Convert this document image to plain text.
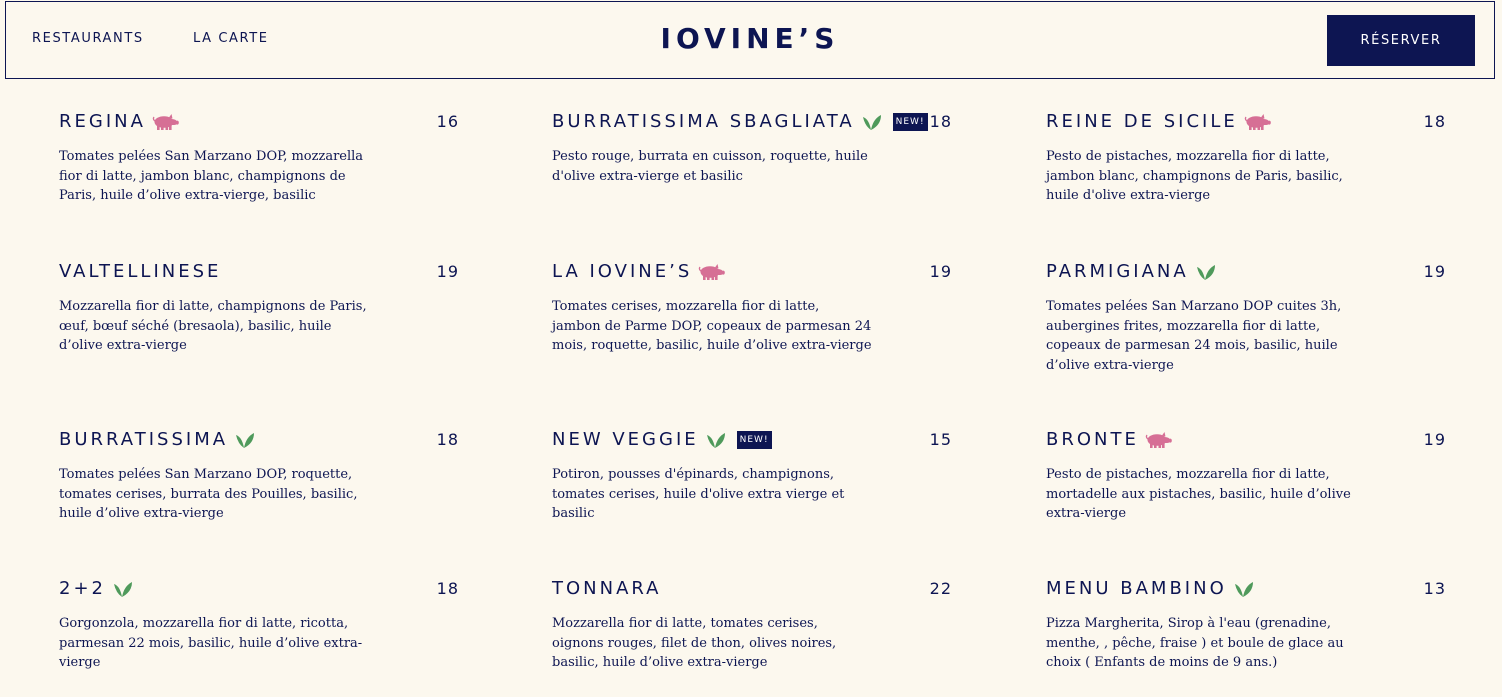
RESTAURANTS	LA CARTE	IOVINE’S	RÉSERVER
REGINA	16
Tomates pelées San Marzano DOP, mozzarella fior di latte, jambon blanc, champignons de Paris, huile d’olive extra-vierge, basilic
BURRATISSIMA SBAGLIATA	NEW! 18
Pesto rouge, burrata en cuisson, roquette, huile d'olive extra-vierge et basilic
REINE DE SICILE	18
Pesto de pistaches, mozzarella fior di latte, jambon blanc, champignons de Paris, basilic, huile d'olive extra-vierge
VALTELLINESE	19
Mozzarella fior di latte, champignons de Paris, œuf, bœuf séché (bresaola), basilic, huile d’olive extra-vierge
LA IOVINE’S	19
Tomates cerises, mozzarella fior di latte, jambon de Parme DOP, copeaux de parmesan 24 mois, roquette, basilic, huile d’olive extra-vierge
PARMIGIANA	19
Tomates pelées San Marzano DOP cuites 3h, aubergines frites, mozzarella fior di latte, copeaux de parmesan 24 mois, basilic, huile d’olive extra-vierge
BURRATISSIMA	18
Tomates pelées San Marzano DOP, roquette, tomates cerises, burrata des Pouilles, basilic, huile d’olive extra-vierge
NEW VEGGIE	NEW!	15
Potiron, pousses d'épinards, champignons, tomates cerises, huile d'olive extra vierge et basilic
BRONTE	19
Pesto de pistaches, mozzarella fior di latte, mortadelle aux pistaches, basilic, huile d’olive extra-vierge
2+2	18
Gorgonzola, mozzarella fior di latte, ricotta, parmesan 22 mois, basilic, huile d’olive extra-vierge
TONNARA	22
Mozzarella fior di latte, tomates cerises, oignons rouges, filet de thon, olives noires, basilic, huile d’olive extra-vierge
MENU BAMBINO	13
Pizza Margherita, Sirop à l'eau (grenadine, menthe, , pêche, fraise ) et boule de glace au choix ( Enfants de moins de 9 ans.)
